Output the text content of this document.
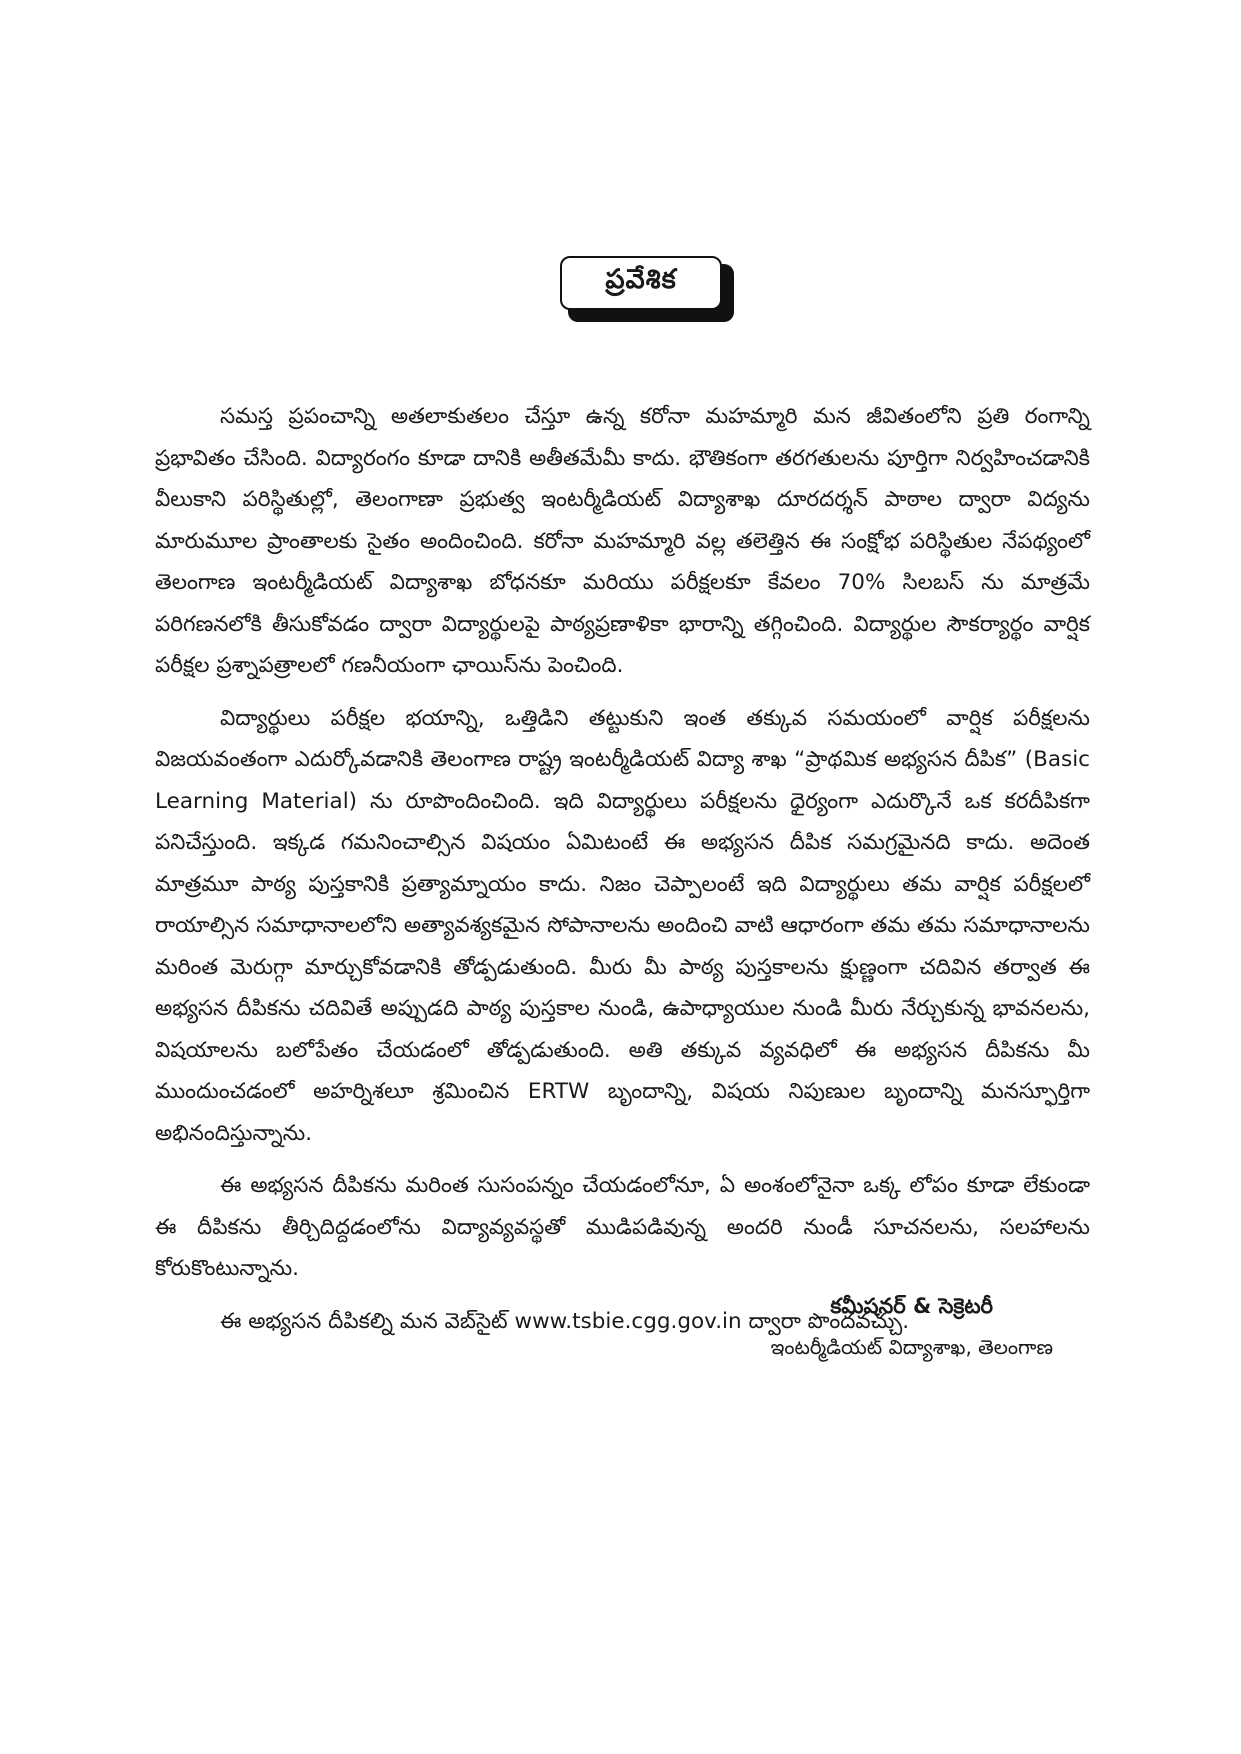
ప్రవేశిక

సమస్త ప్రపంచాన్ని అతలాకుతలం చేస్తూ ఉన్న కరోనా మహమ్మారి మన జీవితంలోని ప్రతి రంగాన్ని ప్రభావితం చేసింది. విద్యారంగం కూడా దానికి అతీతమేమీ కాదు. భౌతికంగా తరగతులను పూర్తిగా నిర్వహించడానికి వీలుకాని పరిస్థితుల్లో, తెలంగాణా ప్రభుత్వ ఇంటర్మీడియట్ విద్యాశాఖ దూరదర్శన్ పాఠాల ద్వారా విద్యను మారుమూల ప్రాంతాలకు సైతం అందించింది. కరోనా మహమ్మారి వల్ల తలెత్తిన ఈ సంక్షోభ పరిస్థితుల నేపథ్యంలో తెలంగాణ ఇంటర్మీడియట్ విద్యాశాఖ బోధనకూ మరియు పరీక్షలకూ కేవలం 70% సిలబస్ ను మాత్రమే పరిగణనలోకి తీసుకోవడం ద్వారా విద్యార్థులపై పాఠ్యప్రణాళికా భారాన్ని తగ్గించింది. విద్యార్థుల సౌకర్యార్థం వార్షిక పరీక్షల ప్రశ్నాపత్రాలలో గణనీయంగా ఛాయిస్‌ను పెంచింది.

విద్యార్థులు పరీక్షల భయాన్ని, ఒత్తిడిని తట్టుకుని ఇంత తక్కువ సమయంలో వార్షిక పరీక్షలను విజయవంతంగా ఎదుర్కోవడానికి తెలంగాణ రాష్ట్ర ఇంటర్మీడియట్ విద్యా శాఖ “ప్రాథమిక అభ్యసన దీపిక” (Basic Learning Material) ను రూపొందించింది. ఇది విద్యార్థులు పరీక్షలను ధైర్యంగా ఎదుర్కొనే ఒక కరదీపికగా పనిచేస్తుంది. ఇక్కడ గమనించాల్సిన విషయం ఏమిటంటే ఈ అభ్యసన దీపిక సమగ్రమైనది కాదు. అదెంత మాత్రమూ పాఠ్య పుస్తకానికి ప్రత్యామ్నాయం కాదు. నిజం చెప్పాలంటే ఇది విద్యార్థులు తమ వార్షిక పరీక్షలలో రాయాల్సిన సమాధానాలలోని అత్యావశ్యకమైన సోపానాలను అందించి వాటి ఆధారంగా తమ తమ సమాధానాలను మరింత మెరుగ్గా మార్చుకోవడానికి తోడ్పడుతుంది. మీరు మీ పాఠ్య పుస్తకాలను క్షుణ్ణంగా చదివిన తర్వాత ఈ అభ్యసన దీపికను చదివితే అప్పుడది పాఠ్య పుస్తకాల నుండి, ఉపాధ్యాయుల నుండి మీరు నేర్చుకున్న భావనలను, విషయాలను బలోపేతం చేయడంలో తోడ్పడుతుంది. అతి తక్కువ వ్యవధిలో ఈ అభ్యసన దీపికను మీ ముందుంచడంలో అహర్నిశలూ శ్రమించిన ERTW బృందాన్ని, విషయ నిపుణుల బృందాన్ని మనస్ఫూర్తిగా అభినందిస్తున్నాను.

ఈ అభ్యసన దీపికను మరింత సుసంపన్నం చేయడంలోనూ, ఏ అంశంలోనైనా ఒక్క లోపం కూడా లేకుండా ఈ దీపికను తీర్చిదిద్దడంలోను విద్యావ్యవస్థతో ముడిపడివున్న అందరి నుండీ సూచనలను, సలహాలను కోరుకొంటున్నాను.

ఈ అభ్యసన దీపికల్ని మన వెబ్‌సైట్ www.tsbie.cgg.gov.in ద్వారా పొందవచ్చు.

కమీషనర్ & సెక్రెటరీ
ఇంటర్మీడియట్ విద్యాశాఖ, తెలంగాణ
